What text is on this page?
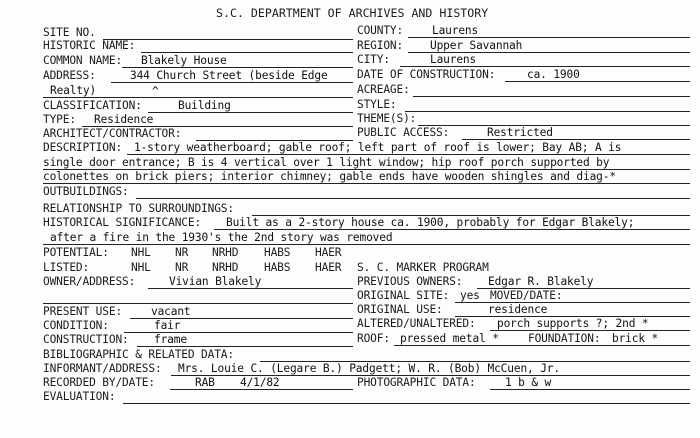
S.C. DEPARTMENT OF ARCHIVES AND HISTORY
SITE NO.
HISTORIC NAME:
COMMON NAME: Blakely House
ADDRESS:	344 Church Street (beside Edge
Realty)	^
CLASSIFICATION:	Building
TYPE: Residence
ARCHITECT/CONTRACTOR:
COUNTY:	Laurens
REGION: Upper Savannah
CITY:	Laurens
DATE OF CONSTRUCTION:	ca. 1900
ACREAGE:
STYLE:
THEME(S):
PUBLIC ACCESS:	Restricted
DESCRIPTION: 1-story weatherboard; gable roof; left part of roof is lower; Bay AB; A is
single door entrance; B is 4 vertical over 1 light window; hip roof porch supported by
colonettes on brick piers; interior chimney; gable ends have wooden shingles and diag-*
OUTBUILDINGS:
RELATIONSHIP TO SURROUNDINGS:
HISTORICAL SIGNIFICANCE: Built as a 2-story house ca. 1900, probably for Edgar Blakely;
after a fire in the 1930's the 2nd story was removed
POTENTIAL: NHL NR NRHD HABS HAER
LISTED:	NHL NR NRHD HABS HAER
OWNER/ADDRESS:	Vivian Blakely
S. C. MARKER PROGRAM
PREVIOUS OWNERS: Edgar R. Blakely
ORIGINAL SITE: yes MOVED/DATE:
ORIGINAL USE:	residence
ALTERED/UNALTERED: porch supports ?; 2nd *
ROOF: pressed metal *	FOUNDATION: brick *
PRESENT USE:	vacant
CONDITION:	fair
CONSTRUCTION: frame
BIBLIOGRAPHIC & RELATED DATA:
INFORMANT/ADDRESS: Mrs. Louie C. (Legare B.) Padgett; W. R. (Bob) McCuen, Jr.
RECORDED BY/DATE:	RAB 4/1/82	PHOTOGRAPHIC DATA:	1 b & w
EVALUATION:
